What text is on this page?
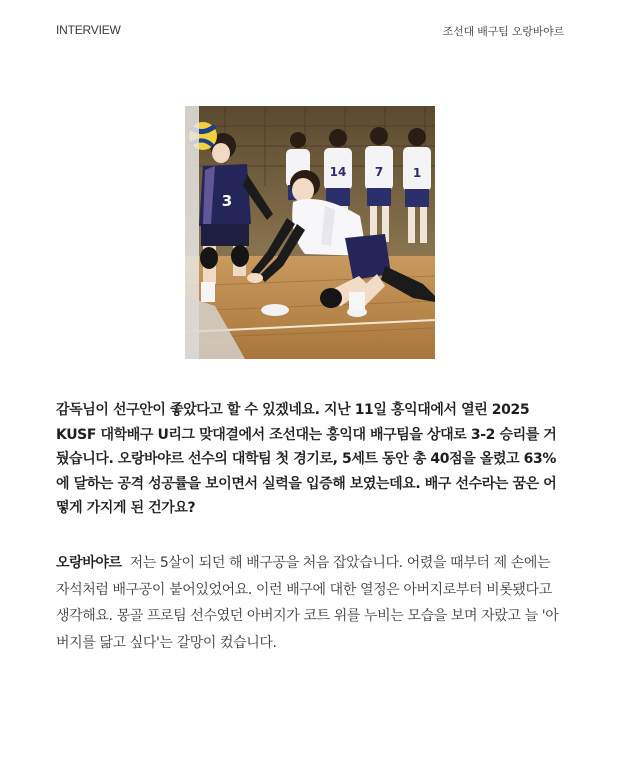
INTERVIEW	조선대 배구팀 오랑바야르
14 7 1
3

감독님이 선구안이 좋았다고 할 수 있겠네요. 지난 11일 홍익대에서 열린 2025 KUSF 대학배구 U리그 맞대결에서 조선대는 홍익대 배구팀을 상대로 3-2 승리를 거뒀습니다. 오랑바야르 선수의 대학팀 첫 경기로, 5세트 동안 총 40점을 올렸고 63%에 달하는 공격 성공률을 보이면서 실력을 입증해 보였는데요. 배구 선수라는 꿈은 어떻게 가지게 된 건가요?

오랑바야르 저는 5살이 되던 해 배구공을 처음 잡았습니다. 어렸을 때부터 제 손에는 자석처럼 배구공이 붙어있었어요. 이런 배구에 대한 열정은 아버지로부터 비롯됐다고 생각해요. 몽골 프로팀 선수였던 아버지가 코트 위를 누비는 모습을 보며 자랐고 늘 '아버지를 닮고 싶다'는 갈망이 컸습니다.
